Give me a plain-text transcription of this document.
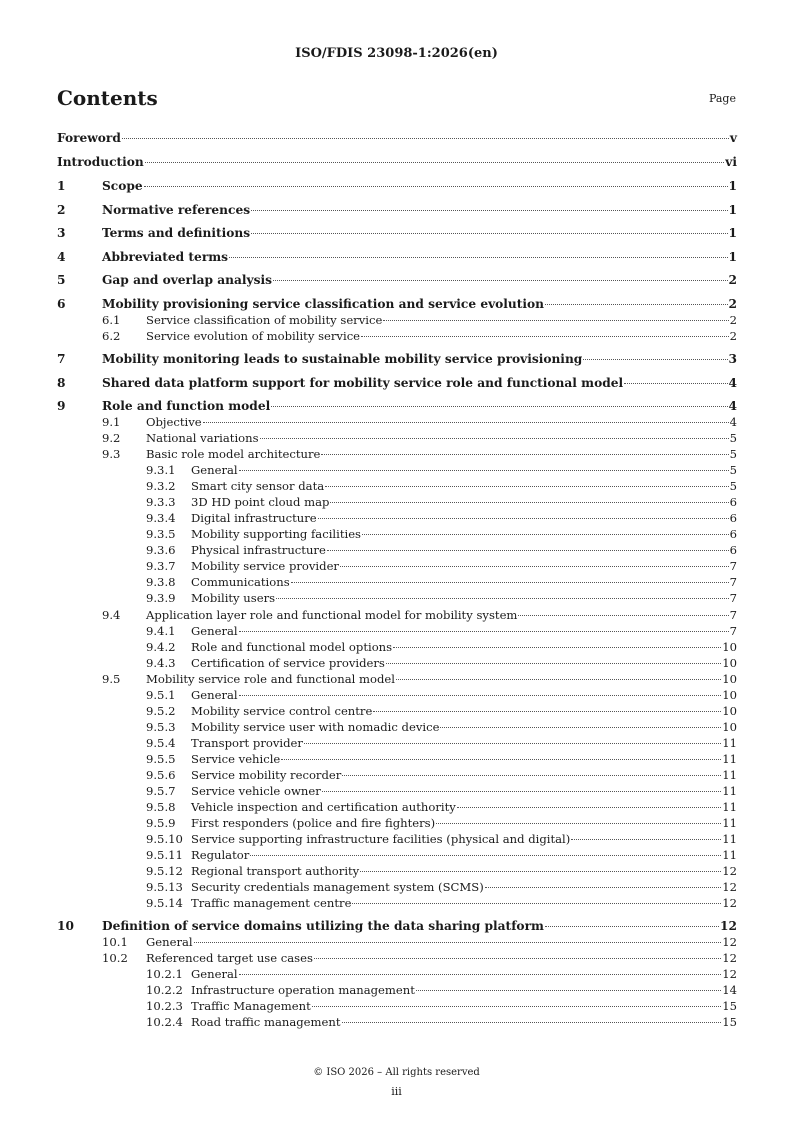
ISO/FDIS 23098-1:2026(en)
Contents	Page
Foreword	v
Introduction	vi
1	Scope	1
2	Normative references	1
3	Terms and definitions	1
4	Abbreviated terms	1
5	Gap and overlap analysis	2
6	Mobility provisioning service classification and service evolution	2
6.1	Service classification of mobility service	2
6.2	Service evolution of mobility service	2
7	Mobility monitoring leads to sustainable mobility service provisioning	3
8	Shared data platform support for mobility service role and functional model	4
9	Role and function model	4
9.1	Objective	4
9.2	National variations	5
9.3	Basic role model architecture	5
9.3.1	General	5
9.3.2	Smart city sensor data	5
9.3.3	3D HD point cloud map	6
9.3.4	Digital infrastructure	6
9.3.5	Mobility supporting facilities	6
9.3.6	Physical infrastructure	6
9.3.7	Mobility service provider	7
9.3.8	Communications	7
9.3.9	Mobility users	7
9.4	Application layer role and functional model for mobility system	7
9.4.1	General	7
9.4.2	Role and functional model options	10
9.4.3	Certification of service providers	10
9.5	Mobility service role and functional model	10
9.5.1	General	10
9.5.2	Mobility service control centre	10
9.5.3	Mobility service user with nomadic device	10
9.5.4	Transport provider	11
9.5.5	Service vehicle	11
9.5.6	Service mobility recorder	11
9.5.7	Service vehicle owner	11
9.5.8	Vehicle inspection and certification authority	11
9.5.9	First responders (police and fire fighters)	11
9.5.10 Service supporting infrastructure facilities (physical and digital)	11
9.5.11 Regulator	11
9.5.12 Regional transport authority	12
9.5.13 Security credentials management system (SCMS)	12
9.5.14 Traffic management centre	12
10	Definition of service domains utilizing the data sharing platform	12
10.1	General	12
10.2	Referenced target use cases	12
10.2.1 General	12
10.2.2 Infrastructure operation management	14
10.2.3 Traffic Management	15
10.2.4 Road traffic management	15
© ISO 2026 – All rights reserved
iii
